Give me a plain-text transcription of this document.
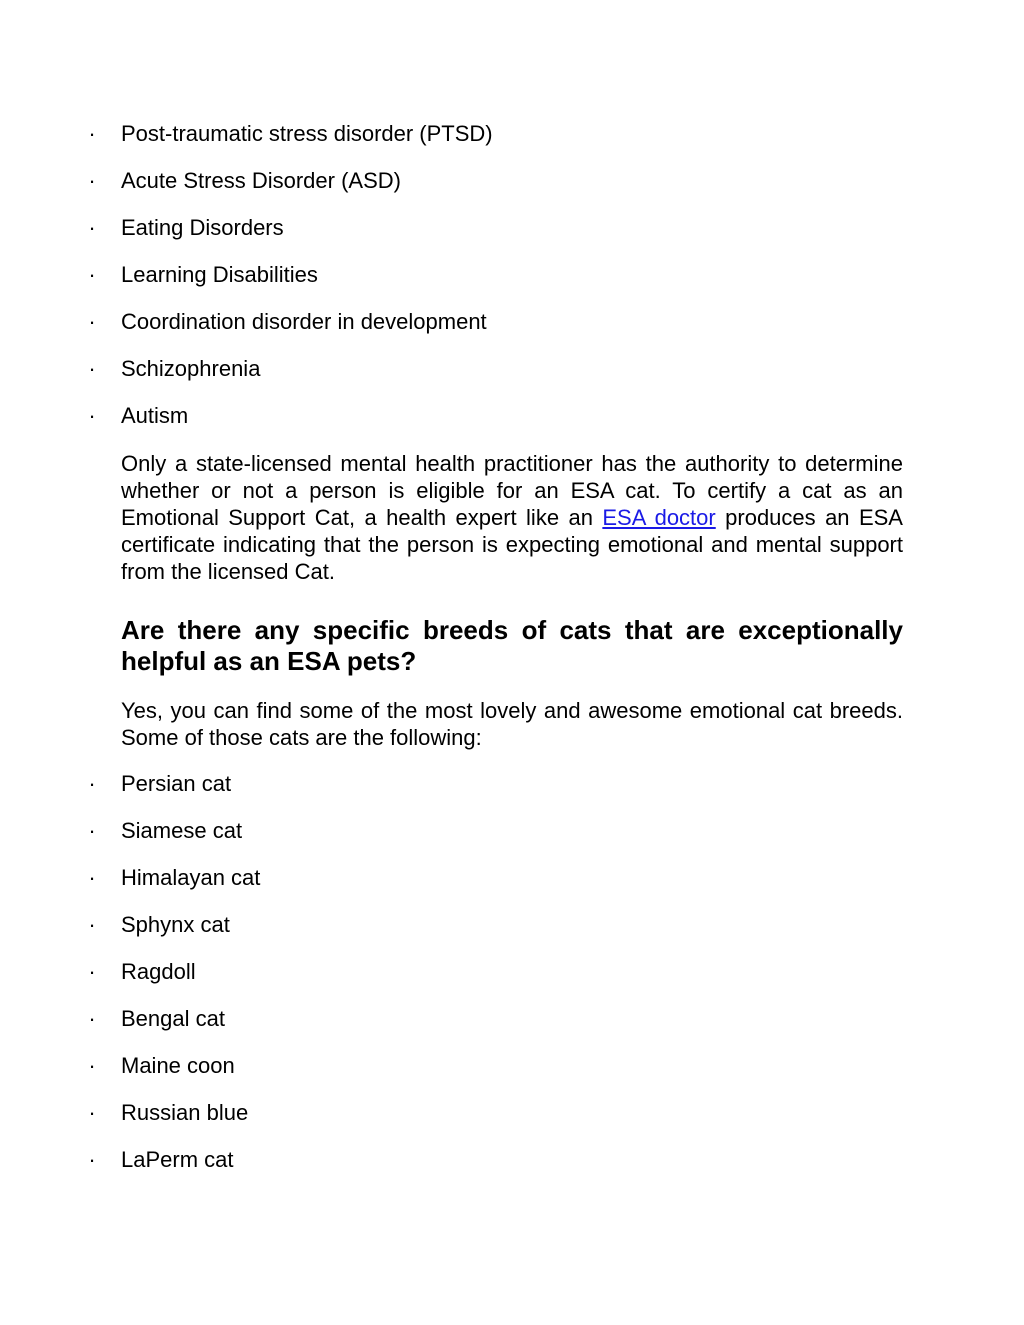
· Post-traumatic stress disorder (PTSD)
· Acute Stress Disorder (ASD)
· Eating Disorders
· Learning Disabilities
· Coordination disorder in development
· Schizophrenia
· Autism

Only a state-licensed mental health practitioner has the authority to determine whether or not a person is eligible for an ESA cat. To certify a cat as an Emotional Support Cat, a health expert like an ESA doctor produces an ESA certificate indicating that the person is expecting emotional and mental support from the licensed Cat.

Are there any specific breeds of cats that are exceptionally helpful as an ESA pets?

Yes, you can find some of the most lovely and awesome emotional cat breeds. Some of those cats are the following:

· Persian cat
· Siamese cat
· Himalayan cat
· Sphynx cat
· Ragdoll
· Bengal cat
· Maine coon
· Russian blue
· LaPerm cat
